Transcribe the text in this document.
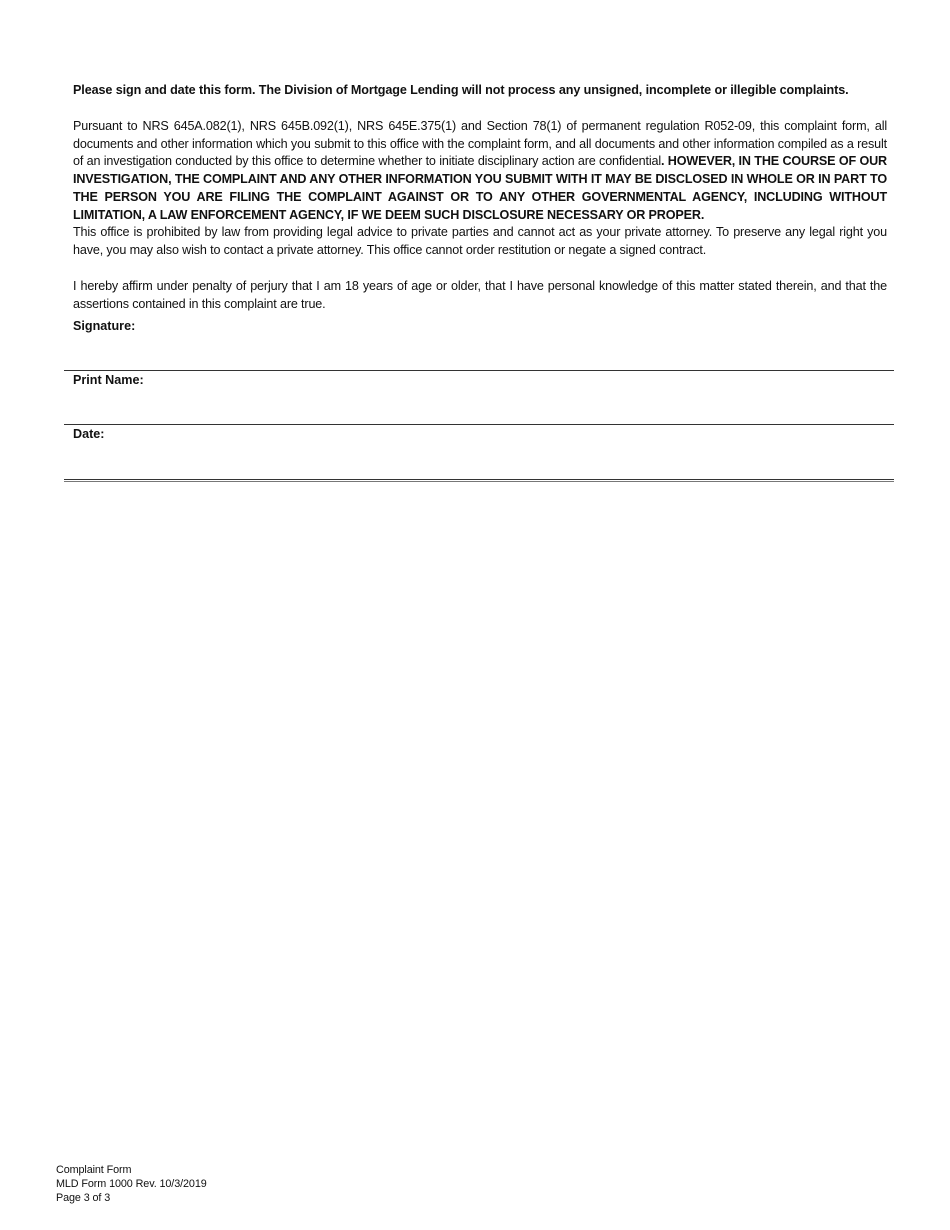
Please sign and date this form. The Division of Mortgage Lending will not process any unsigned, incomplete or illegible complaints.
Pursuant to NRS 645A.082(1), NRS 645B.092(1), NRS 645E.375(1) and Section 78(1) of permanent regulation R052-09, this complaint form, all documents and other information which you submit to this office with the complaint form, and all documents and other information compiled as a result of an investigation conducted by this office to determine whether to initiate disciplinary action are confidential. HOWEVER, IN THE COURSE OF OUR INVESTIGATION, THE COMPLAINT AND ANY OTHER INFORMATION YOU SUBMIT WITH IT MAY BE DISCLOSED IN WHOLE OR IN PART TO THE PERSON YOU ARE FILING THE COMPLAINT AGAINST OR TO ANY OTHER GOVERNMENTAL AGENCY, INCLUDING WITHOUT LIMITATION, A LAW ENFORCEMENT AGENCY, IF WE DEEM SUCH DISCLOSURE NECESSARY OR PROPER.
This office is prohibited by law from providing legal advice to private parties and cannot act as your private attorney. To preserve any legal right you have, you may also wish to contact a private attorney. This office cannot order restitution or negate a signed contract.
I hereby affirm under penalty of perjury that I am 18 years of age or older, that I have personal knowledge of this matter stated therein, and that the assertions contained in this complaint are true.
Signature:
Print Name:
Date:
Complaint Form
MLD Form 1000 Rev. 10/3/2019
Page 3 of 3
